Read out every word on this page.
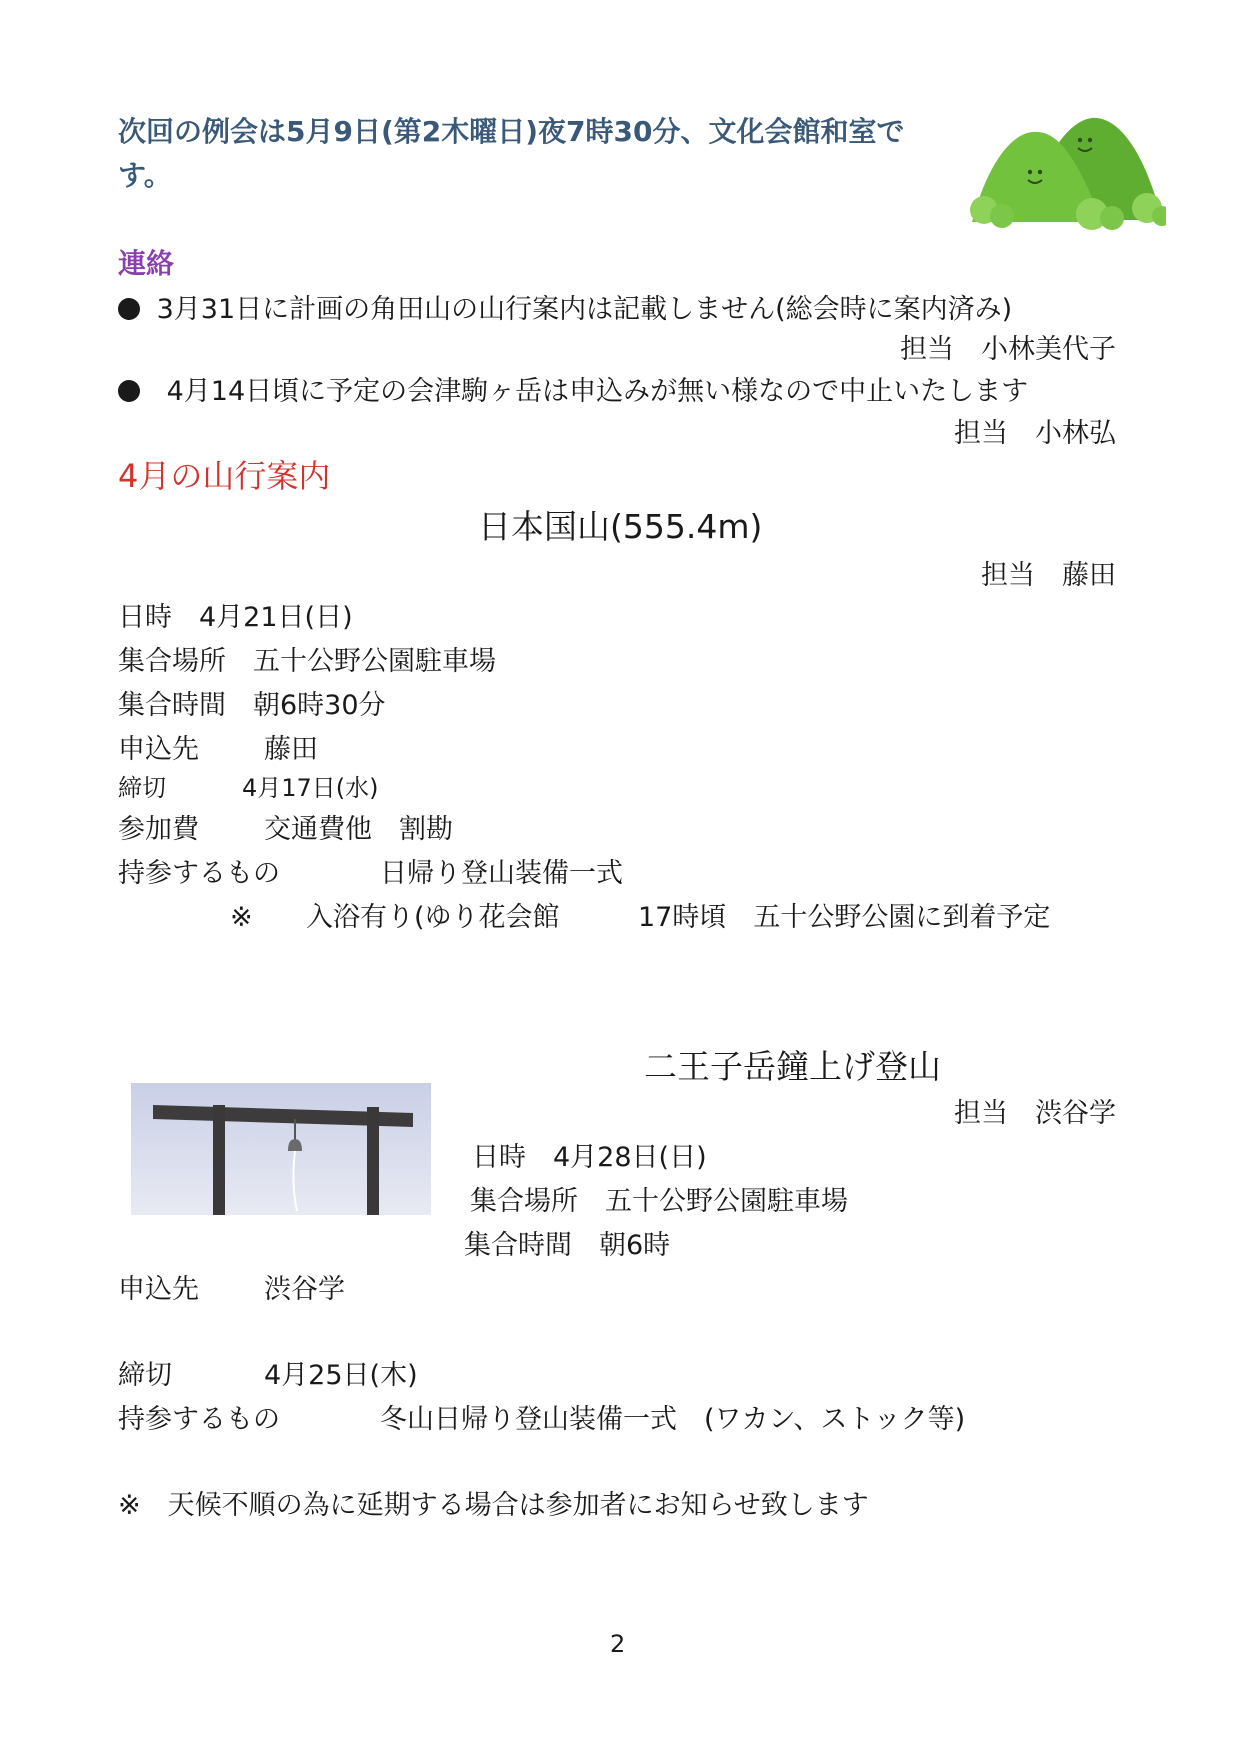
次回の例会は5月9日(第2木曜日)夜7時30分、文化会館和室で
す。
連絡
3月31日に計画の角田山の山行案内は記載しません(総会時に案内済み)
担当　小林美代子
4月14日頃に予定の会津駒ヶ岳は申込みが無い様なので中止いたします
担当　小林弘
4月の山行案内
日本国山(555.4m)
担当　藤田
日時　4月21日(日)
集合場所　五十公野公園駐車場
集合時間　朝6時30分
申込先 藤田
締切	4月17日(水)
参加費 交通費他　割勘
持参するもの	日帰り登山装備一式
※ 入浴有り(ゆり花会館	17時頃　五十公野公園に到着予定
二王子岳鐘上げ登山
担当　渋谷学
日時　4月28日(日)
集合場所　五十公野公園駐車場
集合時間　朝6時
申込先 渋谷学
締切	4月25日(木)
持参するもの	冬山日帰り登山装備一式　(ワカン、ストック等)
※　天候不順の為に延期する場合は参加者にお知らせ致します
2
